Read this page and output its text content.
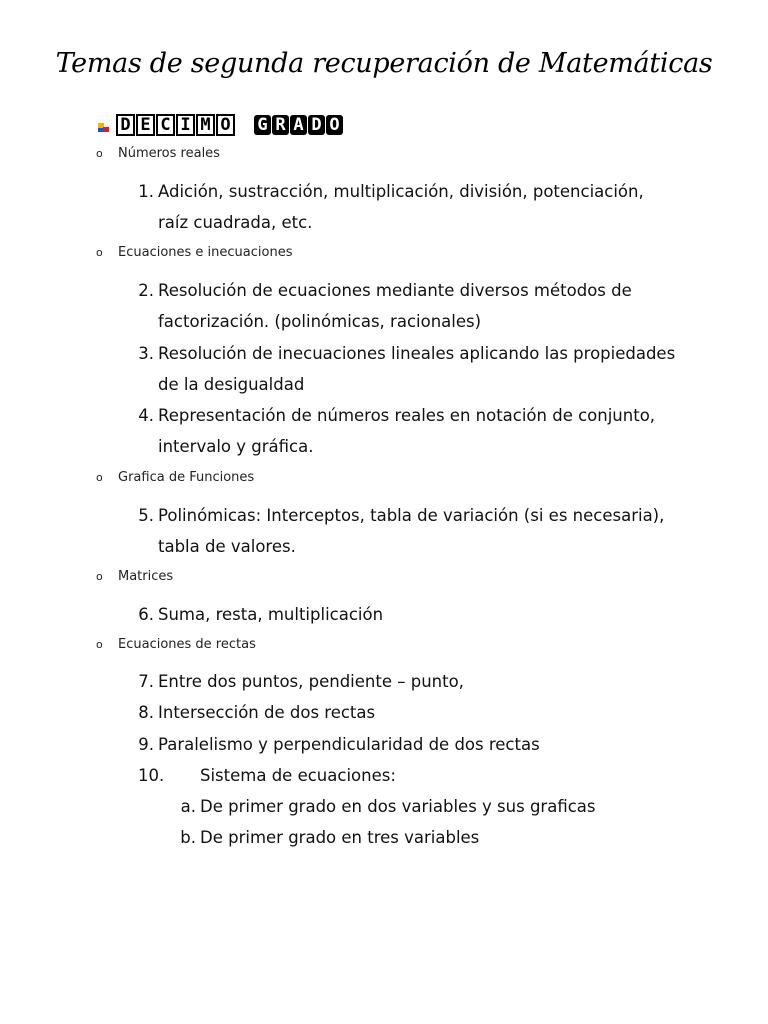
Temas de segunda recuperación de Matemáticas
D E C I M O G R A D O
o	Números reales
o	Ecuaciones e inecuaciones
o	Grafica de Funciones
o	Matrices
o	Ecuaciones de rectas
1. Adición, sustracción, multiplicación, división, potenciación, raíz cuadrada, etc.
2. Resolución de ecuaciones mediante diversos métodos de factorización. (polinómicas, racionales)
3. Resolución de inecuaciones lineales aplicando las propiedades de la desigualdad
4. Representación de números reales en notación de conjunto, intervalo y gráfica.
5. Polinómicas: Interceptos, tabla de variación (si es necesaria), tabla de valores.
6. Suma, resta, multiplicación
7. Entre dos puntos, pendiente – punto,
8. Intersección de dos rectas
9. Paralelismo y perpendicularidad de dos rectas
10. Sistema de ecuaciones:
a. De primer grado en dos variables y sus graficas
b. De primer grado en tres variables
